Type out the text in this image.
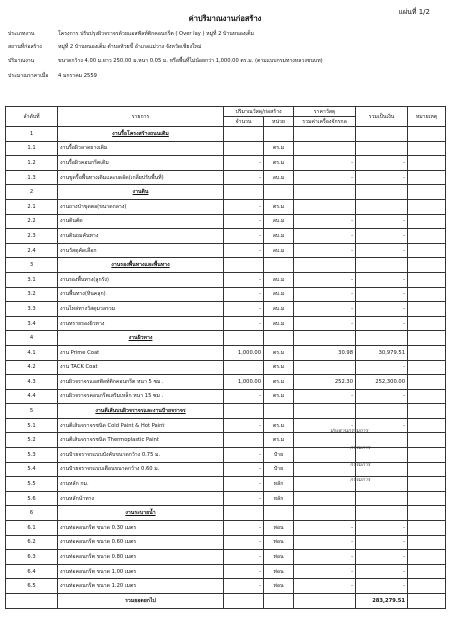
แผ่นที่ 1/2
ค่าปริมาณงานก่อสร้าง
ประเภทงาน	โครงการ ปรับปรุงผิวจราจรด้วยแอสฟัลท์ติกคอนกรีต ( Over lay ) หมู่ที่ 2 บ้านหนองเต็ม
สถานที่ก่อสร้าง	หมู่ที่ 2 บ้านหนองเต็ม ตำบลห้วยขี้ อำเภอแม่วาง จังหวัดเชียงใหม่
ปริมาณงาน	ขนาดกว้าง 4.00 ม.ยาว 250.00 ม.หนา 0.05 ม. หรือพื้นที่ไม่น้อยกว่า 1,000.00 ตร.ม. (ตามแบบกรมทางหลวงชนบท)
ประมาณราคาเมื่อ 4 มกราคม 2559
ลำดับที่	รายการ	ปริมาณวัสดุ/ก่อสร้าง		ราคาวัสดุ	รวมเป็นเงิน	หมายเหตุ
		จำนวน	หน่วย	รวมค่าเครื่องจักรกล		
1	งานรื้อโครงสร้างถนนเดิม					
1.1	งานรื้อผิวลาดยางเดิม		ตร.ม			
1.2	งานรื้อผิวคอนกรีตเดิม	-	ตร.ม	-	-	
1.3	งานขูดรื้อพื้นทางเดิมและบดอัด(เกลี่ยปรับพื้นที่)	-	ลบ.ม	-	-	
2	งานดิน					
2.1	งานถางป่าขุดตอ(ขนาดกลาง)	-	ตร.ม			
2.2	งานดินตัด	-	ลบ.ม	-	-	
2.3	งานดินถมคันทาง	-	ลบ.ม	-	-	
2.4	งานวัสดุคัดเลือก	-	ลบ.ม	-	-	
3	งานรองพื้นทางและพื้นทาง					
3.1	งานรองพื้นทาง(ลูกรัง)	-	ลบ.ม	-	-	
3.2	งานพื้นทาง(หินคลุก)	-	ลบ.ม	-	-	
3.3	งานไหล่ทางวัสดุมวลรวม	-	ลบ.ม	-	-	
3.4	งานทรายรองผิวทาง	-	ลบ.ม	-	-	
4	งานผิวทาง					
4.1	งาน Prime Coat	1,000.00	ตร.ม	30.98	30,979.51	
4.2	งาน TACK Coat		ตร.ม		-	
4.3	งานผิวจราจรแอสฟัลท์ติกคอนกรีต หนา 5 ซม .	1,000.00	ตร.ม	252.30	252,300.00	
4.4	งานผิวจราจรคอนกรีตเสริมเหล็ก หนา 15 ซม .	-	ตร.ม	-	-	
5	งานตีเส้นบนผิวจราจรและงานป้ายจราจร					
5.1	งานตีเส้นจราจรชนิด Cold Paint & Hot Paint	-	ตร.ม	-	-	
5.2	งานตีเส้นจราจรชนิด Thermoplastic Paint		ตร.ม			
5.3	งานป้ายจราจรแบบบังคับขนาดกว้าง 0.75 ม.	-	ป้าย			
5.4	งานป้ายจราจรแบบเตือนขนาดกว้าง 0.60 ม.	-	ป้าย			
5.5	งานหลัก กม.	-	หลัก			
5.6	งานหลักนำทาง	-	หลัก			
6	งานระบายน้ำ					
6.1	งานท่อคอนกรีต ขนาด 0.30 เมตร	-	ท่อน	-	-	
6.2	งานท่อคอนกรีต ขนาด 0.60 เมตร	-	ท่อน	-	-	
6.3	งานท่อคอนกรีต ขนาด 0.80 เมตร	-	ท่อน	-	-	
6.4	งานท่อคอนกรีต ขนาด 1.00 เมตร	-	ท่อน	-	-	
6.5	งานท่อคอนกรีต ขนาด 1.20 เมตร	-	ท่อน	-	-	
	รวมยอดยกไป				283,279.51	
ประธานกรรมการ
กรรมการ
กรรมการ
กรรมการ
